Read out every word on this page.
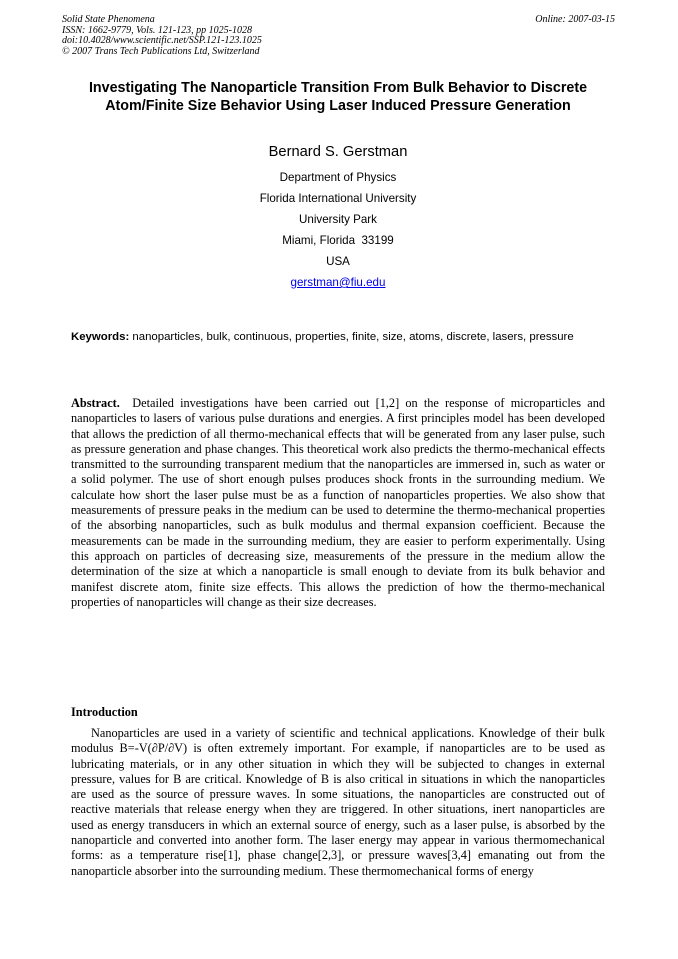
Solid State Phenomena
ISSN: 1662-9779, Vols. 121-123, pp 1025-1028
doi:10.4028/www.scientific.net/SSP.121-123.1025
© 2007 Trans Tech Publications Ltd, Switzerland
Online: 2007-03-15
Investigating The Nanoparticle Transition From Bulk Behavior to Discrete Atom/Finite Size Behavior Using Laser Induced Pressure Generation
Bernard S. Gerstman
Department of Physics
Florida International University
University Park
Miami, Florida  33199
USA
gerstman@fiu.edu
Keywords: nanoparticles, bulk, continuous, properties, finite, size, atoms, discrete, lasers, pressure
Abstract. Detailed investigations have been carried out [1,2] on the response of microparticles and nanoparticles to lasers of various pulse durations and energies. A first principles model has been developed that allows the prediction of all thermo-mechanical effects that will be generated from any laser pulse, such as pressure generation and phase changes. This theoretical work also predicts the thermo-mechanical effects transmitted to the surrounding transparent medium that the nanoparticles are immersed in, such as water or a solid polymer. The use of short enough pulses produces shock fronts in the surrounding medium. We calculate how short the laser pulse must be as a function of nanoparticles properties. We also show that measurements of pressure peaks in the medium can be used to determine the thermo-mechanical properties of the absorbing nanoparticles, such as bulk modulus and thermal expansion coefficient. Because the measurements can be made in the surrounding medium, they are easier to perform experimentally. Using this approach on particles of decreasing size, measurements of the pressure in the medium allow the determination of the size at which a nanoparticle is small enough to deviate from its bulk behavior and manifest discrete atom, finite size effects. This allows the prediction of how the thermo-mechanical properties of nanoparticles will change as their size decreases.
Introduction
Nanoparticles are used in a variety of scientific and technical applications. Knowledge of their bulk modulus B=-V(∂P/∂V) is often extremely important. For example, if nanoparticles are to be used as lubricating materials, or in any other situation in which they will be subjected to changes in external pressure, values for B are critical. Knowledge of B is also critical in situations in which the nanoparticles are used as the source of pressure waves. In some situations, the nanoparticles are constructed out of reactive materials that release energy when they are triggered. In other situations, inert nanoparticles are used as energy transducers in which an external source of energy, such as a laser pulse, is absorbed by the nanoparticle and converted into another form. The laser energy may appear in various thermomechanical forms: as a temperature rise[1], phase change[2,3], or pressure waves[3,4] emanating out from the nanoparticle absorber into the surrounding medium. These thermomechanical forms of energy
